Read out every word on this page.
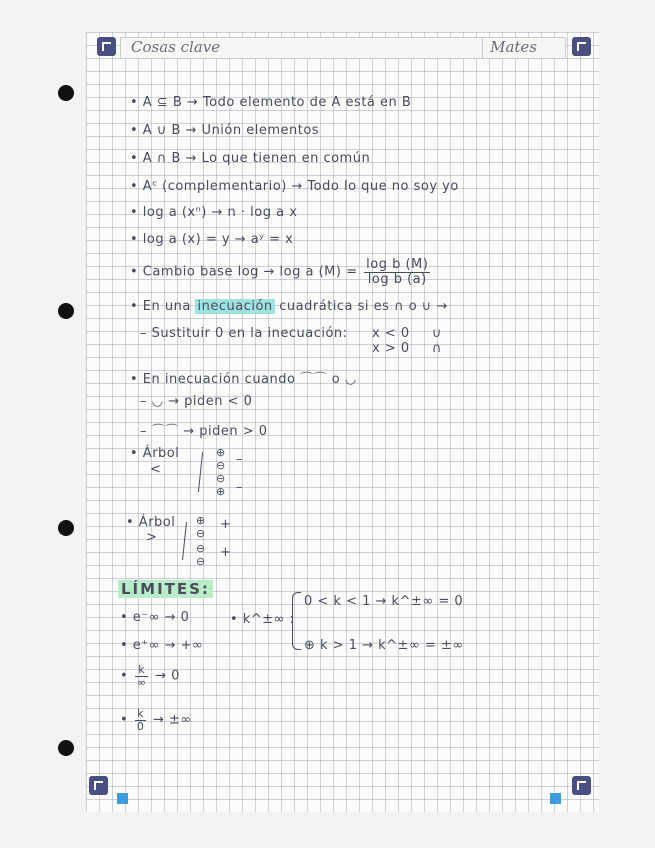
Cosas clave	Mates
• A ⊆ B → Todo elemento de A está en B
• A ∪ B → Unión elementos
• A ∩ B → Lo que tienen en común
• Aᶜ (complementario) → Todo lo que no soy yo
• log a (xⁿ) → n · log a x
• log a (x) = y → aʸ = x
• Cambio base log → log a $(M) = \frac{\text{log b (M)}}{\text{log b (a)}}$
• En una inecuación cuadrática si es ∩ o ∪ →
– Sustituir 0 en la inecuación: x < 0
x > 0
∪
∩
• En inecuación cuando ⌒⌒ o ◡
– ◡ → piden < 0
– ⌒⌒ → piden > 0
• Árbol
<
⊕
⊖ –
⊖
⊕ –
• Árbol
>
⊕
⊖
+
⊖
⊖
+
LÍMITES:
• e⁻∞ → 0
• e⁺∞ → +∞
• k^±∞ :
0 < k < 1 → k^±∞ = 0
⊕ k > 1 → k^±∞ = ±∞
• $\frac{k}{\infty} \to 0$
• $\frac{k}{0}$ → ±∞
